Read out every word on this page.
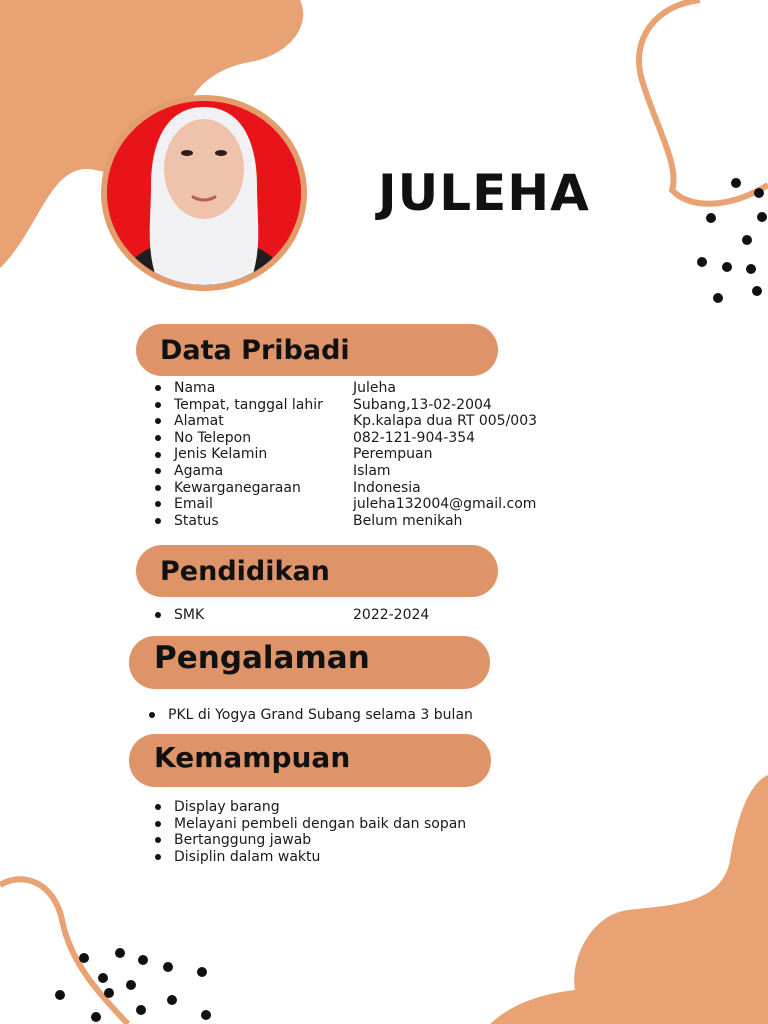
JULEHA
Data Pribadi
Nama	Juleha
Tempat, tanggal lahir	Subang,13-02-2004
Alamat	Kp.kalapa dua RT 005/003
No Telepon	082-121-904-354
Jenis Kelamin	Perempuan
Agama	Islam
Kewarganegaraan	Indonesia
Email	juleha132004@gmail.com
Status	Belum menikah
Pendidikan
SMK	2022-2024
Pengalaman
PKL di Yogya Grand Subang selama 3 bulan
Kemampuan
Display barang
Melayani pembeli dengan baik dan sopan
Bertanggung jawab
Disiplin dalam waktu
